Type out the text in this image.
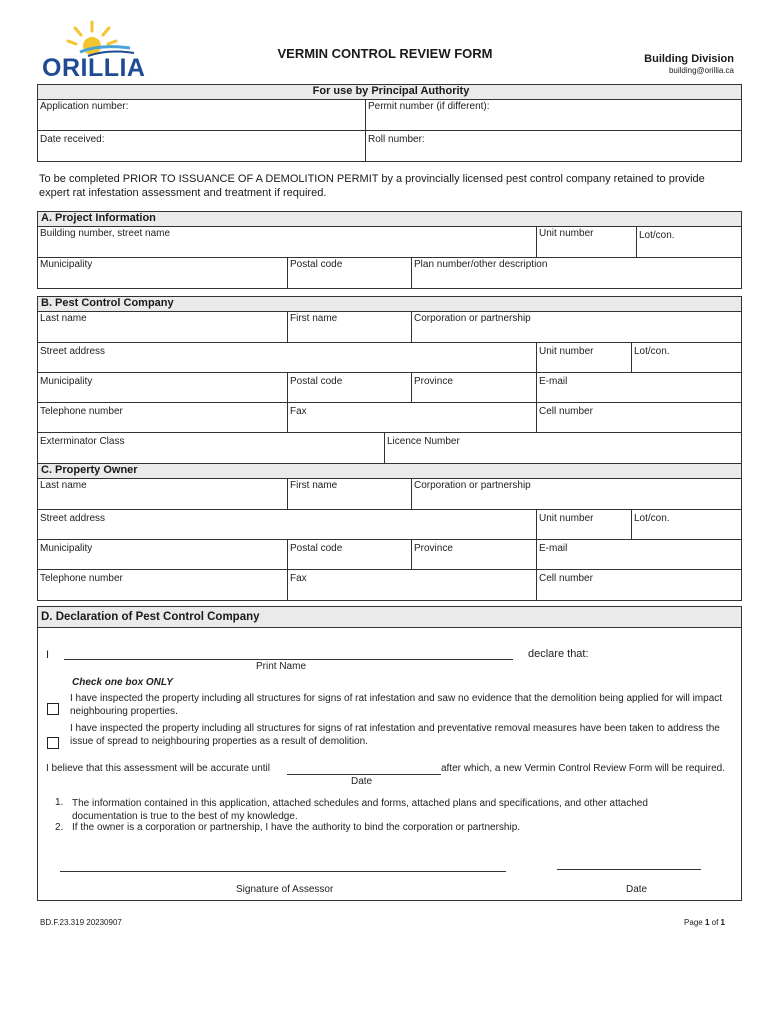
ORILLIA
VERMIN CONTROL REVIEW FORM	Building Division
building@orillia.ca
For use by Principal Authority
Application number:	Permit number (if different):
Date received:	Roll number:
To be completed PRIOR TO ISSUANCE OF A DEMOLITION PERMIT by a provincially licensed pest control company retained to provide expert rat infestation assessment and treatment if required.
A. Project Information
Building number, street name	Unit number	Lot/con.
Municipality	Postal code	Plan number/other description
B. Pest Control Company
Last name	First name	Corporation or partnership
Street address	Unit number	Lot/con.
Municipality	Postal code	Province	E-mail
Telephone number	Fax	Cell number
Exterminator Class	Licence Number
C. Property Owner
Last name	First name	Corporation or partnership
Street address	Unit number	Lot/con.
Municipality	Postal code	Province	E-mail
Telephone number	Fax	Cell number
D. Declaration of Pest Control Company
I	declare that:
Print Name
Check one box ONLY
I have inspected the property including all structures for signs of rat infestation and saw no evidence that the demolition being applied for will impact neighbouring properties.
I have inspected the property including all structures for signs of rat infestation and preventative removal measures have been taken to address the issue of spread to neighbouring properties as a result of demolition.
I believe that this assessment will be accurate until	after which, a new Vermin Control Review Form will be required.
Date
1. The information contained in this application, attached schedules and forms, attached plans and specifications, and other attached documentation is true to the best of my knowledge.
2. If the owner is a corporation or partnership, I have the authority to bind the corporation or partnership.
Signature of Assessor	Date
BD.F.23.319 20230907	Page 1 of 1
